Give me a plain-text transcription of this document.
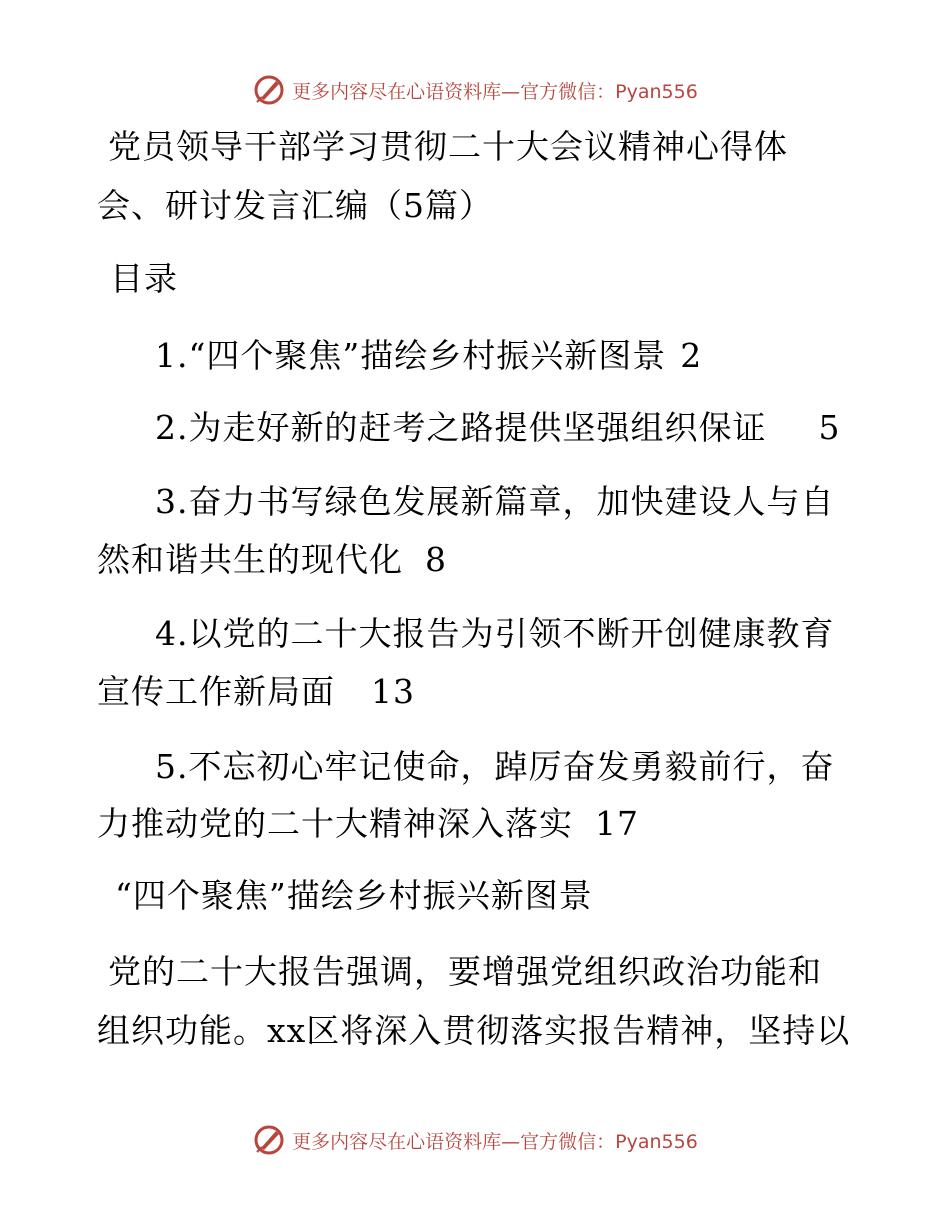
更多内容尽在心语资料库—官方微信：Pyan556
党员领导干部学习贯彻二十大会议精神心得体
会、研讨发言汇编（5篇）
目录
1.“四个聚焦”描绘乡村振兴新图景 2
2.为走好新的赶考之路提供坚强组织保证 5
3.奋力书写绿色发展新篇章，加快建设人与自
然和谐共生的现代化 8
4.以党的二十大报告为引领不断开创健康教育
宣传工作新局面 13
5.不忘初心牢记使命，踔厉奋发勇毅前行，奋
力推动党的二十大精神深入落实 17
“四个聚焦”描绘乡村振兴新图景
党的二十大报告强调，要增强党组织政治功能和
组织功能。xx区将深入贯彻落实报告精神，坚持以
更多内容尽在心语资料库—官方微信：Pyan556
